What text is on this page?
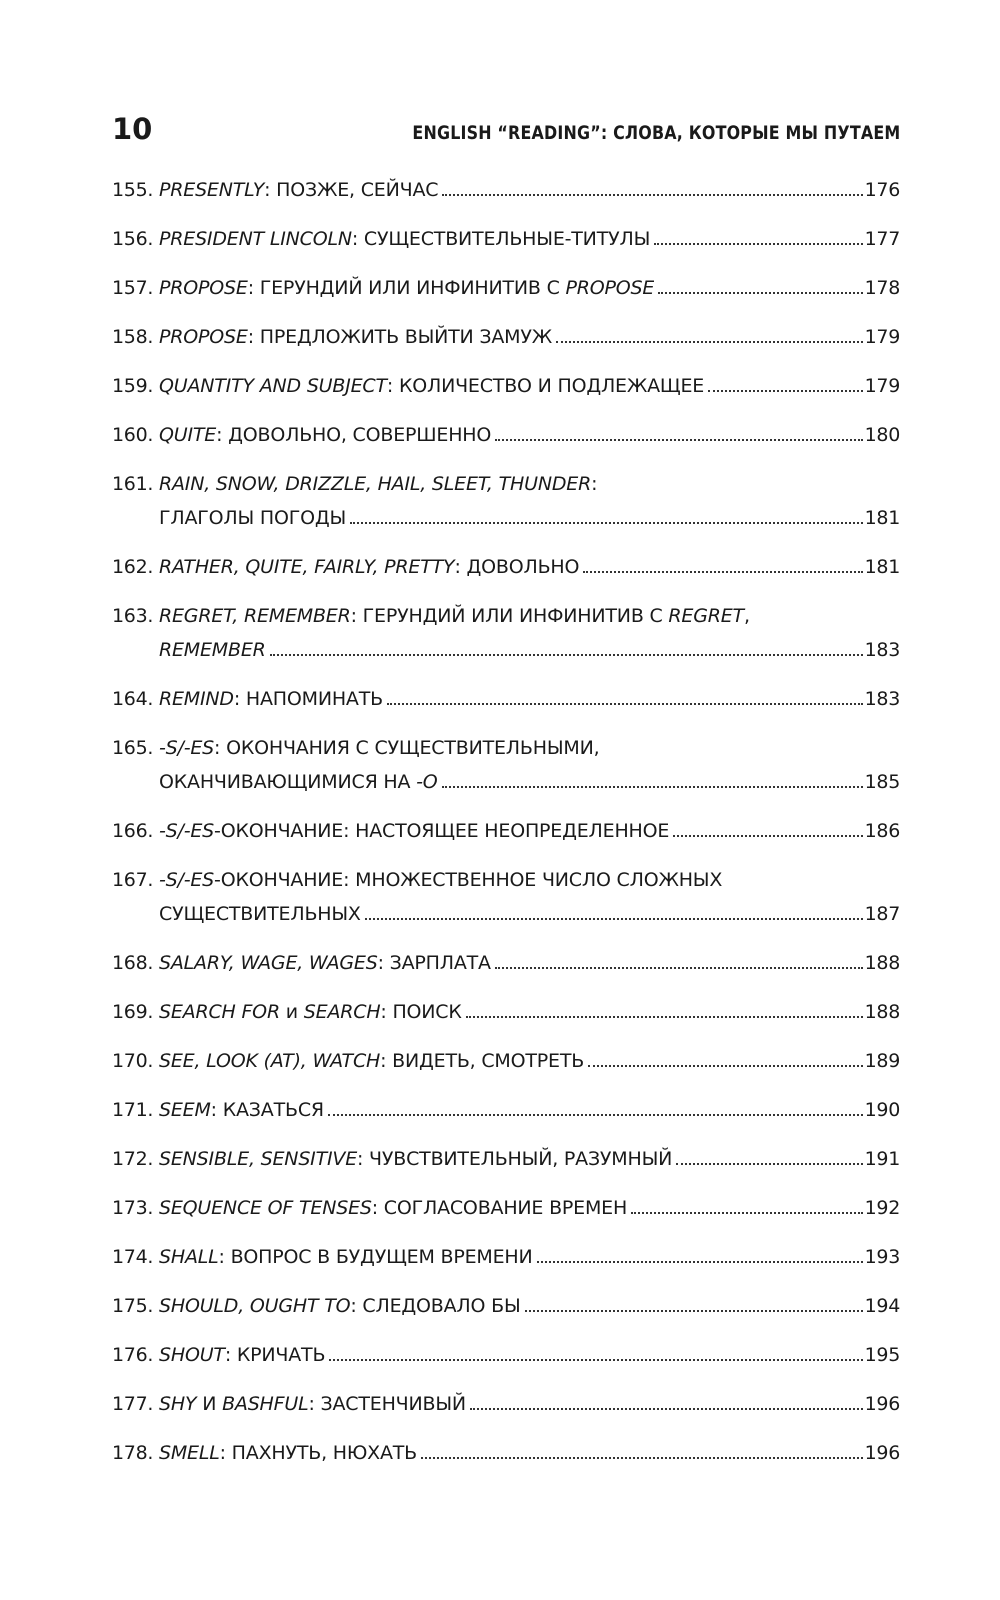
10	ENGLISH “READING”: СЛОВА, КОТОРЫЕ МЫ ПУТАЕМ
155. PRESENTLY: ПОЗЖЕ, СЕЙЧАС	176
156. PRESIDENT LINCOLN: СУЩЕСТВИТЕЛЬНЫЕ-ТИТУЛЫ	177
157. PROPOSE: ГЕРУНДИЙ ИЛИ ИНФИНИТИВ С PROPOSE	178
158. PROPOSE: ПРЕДЛОЖИТЬ ВЫЙТИ ЗАМУЖ	179
159. QUANTITY AND SUBJECT: КОЛИЧЕСТВО И ПОДЛЕЖАЩЕЕ	179
160. QUITE: ДОВОЛЬНО, СОВЕРШЕННО	180
161. RAIN, SNOW, DRIZZLE, HAIL, SLEET, THUNDER:
ГЛАГОЛЫ ПОГОДЫ	181
162. RATHER, QUITE, FAIRLY, PRETTY: ДОВОЛЬНО	181
163. REGRET, REMEMBER: ГЕРУНДИЙ ИЛИ ИНФИНИТИВ С REGRET,
REMEMBER	183
164. REMIND: НАПОМИНАТЬ	183
165. -S/-ES: ОКОНЧАНИЯ С СУЩЕСТВИТЕЛЬНЫМИ,
ОКАНЧИВАЮЩИМИСЯ НА -O	185
166. -S/-ES-ОКОНЧАНИЕ: НАСТОЯЩЕЕ НЕОПРЕДЕЛЕННОЕ	186
167. -S/-ES-ОКОНЧАНИЕ: МНОЖЕСТВЕННОЕ ЧИСЛО СЛОЖНЫХ
СУЩЕСТВИТЕЛЬНЫХ	187
168. SALARY, WAGE, WAGES: ЗАРПЛАТА	188
169. SEARCH FOR и SEARCH: ПОИСК	188
170. SEE, LOOK (AT), WATCH: ВИДЕТЬ, СМОТРЕТЬ	189
171. SEEM: КАЗАТЬСЯ	190
172. SENSIBLE, SENSITIVE: ЧУВСТВИТЕЛЬНЫЙ, РАЗУМНЫЙ	191
173. SEQUENCE OF TENSES: СОГЛАСОВАНИЕ ВРЕМЕН	192
174. SHALL: ВОПРОС В БУДУЩЕМ ВРЕМЕНИ	193
175. SHOULD, OUGHT TO: СЛЕДОВАЛО БЫ	194
176. SHOUT: КРИЧАТЬ	195
177. SHY И BASHFUL: ЗАСТЕНЧИВЫЙ	196
178. SMELL: ПАХНУТЬ, НЮХАТЬ	196
